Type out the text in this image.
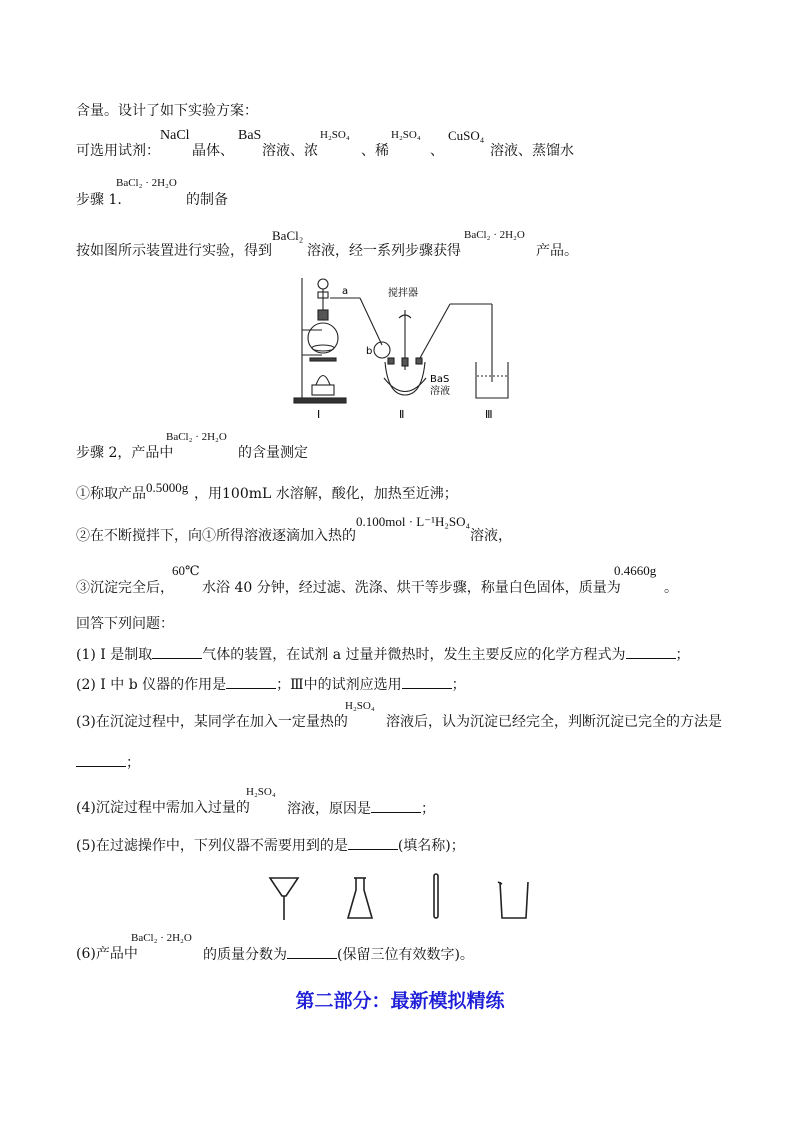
含量。设计了如下实验方案：
可选用试剂：
NaCl
晶体、
BaS
溶液、浓
H₂SO₄
、稀
H₂SO₄
、
CuSO₄
溶液、蒸馏水
步骤 1.
BaCl₂ · 2H₂O
的制备
按如图所示装置进行实验，得到
BaCl₂
溶液，经一系列步骤获得
BaCl₂ · 2H₂O
产品。
a
b
搅拌器
BaS
溶液
Ⅰ	Ⅱ	Ⅲ
步骤 2，产品中
BaCl₂ · 2H₂O
的含量测定
①称取产品 0.5000g ，用100mL 水溶解，酸化，加热至近沸；
②在不断搅拌下，向①所得溶液逐滴加入热的
0.100mol · L⁻¹H₂SO₄
溶液，
③沉淀完全后，
60℃
水浴 40 分钟，经过滤、洗涤、烘干等步骤，称量白色固体，质量为
0.4660g
。
回答下列问题：
(1) Ⅰ 是制取	气体的装置，在试剂 a 过量并微热时，发生主要反应的化学方程式为	；
(2) Ⅰ 中 b 仪器的作用是	；Ⅲ中的试剂应选用	；
(3)在沉淀过程中，某同学在加入一定量热的
H₂SO₄
溶液后，认为沉淀已经完全，判断沉淀已完全的方法是
；
(4)沉淀过程中需加入过量的
H₂SO₄
溶液，原因是	；
(5)在过滤操作中，下列仪器不需要用到的是	(填名称)；
(6)产品中
BaCl₂ · 2H₂O
的质量分数为	(保留三位有效数字)。
第二部分：最新模拟精练
